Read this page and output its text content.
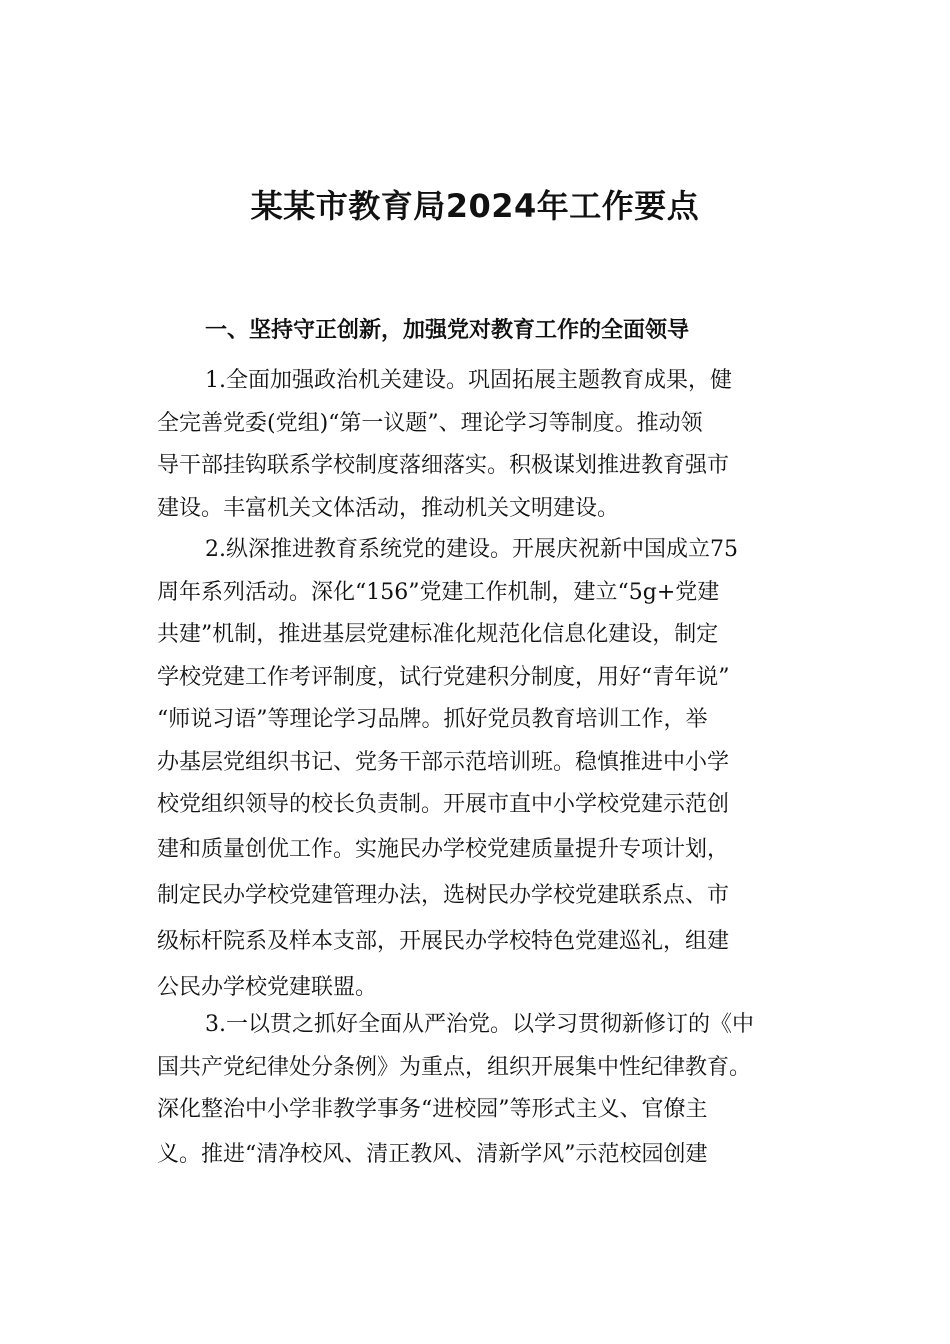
某某市教育局2024年工作要点
一、坚持守正创新，加强党对教育工作的全面领导
1.全面加强政治机关建设。巩固拓展主题教育成果，健
全完善党委(党组)“第一议题”、理论学习等制度。推动领
导干部挂钩联系学校制度落细落实。积极谋划推进教育强市
建设。丰富机关文体活动，推动机关文明建设。
2.纵深推进教育系统党的建设。开展庆祝新中国成立75
周年系列活动。深化“156”党建工作机制，建立“5g+党建
共建”机制，推进基层党建标准化规范化信息化建设，制定
学校党建工作考评制度，试行党建积分制度，用好“青年说”
“师说习语”等理论学习品牌。抓好党员教育培训工作，举
办基层党组织书记、党务干部示范培训班。稳慎推进中小学
校党组织领导的校长负责制。开展市直中小学校党建示范创
建和质量创优工作。实施民办学校党建质量提升专项计划，
制定民办学校党建管理办法，选树民办学校党建联系点、市
级标杆院系及样本支部，开展民办学校特色党建巡礼，组建
公民办学校党建联盟。
3.一以贯之抓好全面从严治党。以学习贯彻新修订的《中
国共产党纪律处分条例》为重点，组织开展集中性纪律教育。
深化整治中小学非教学事务“进校园”等形式主义、官僚主
义。推进“清净校风、清正教风、清新学风”示范校园创建
